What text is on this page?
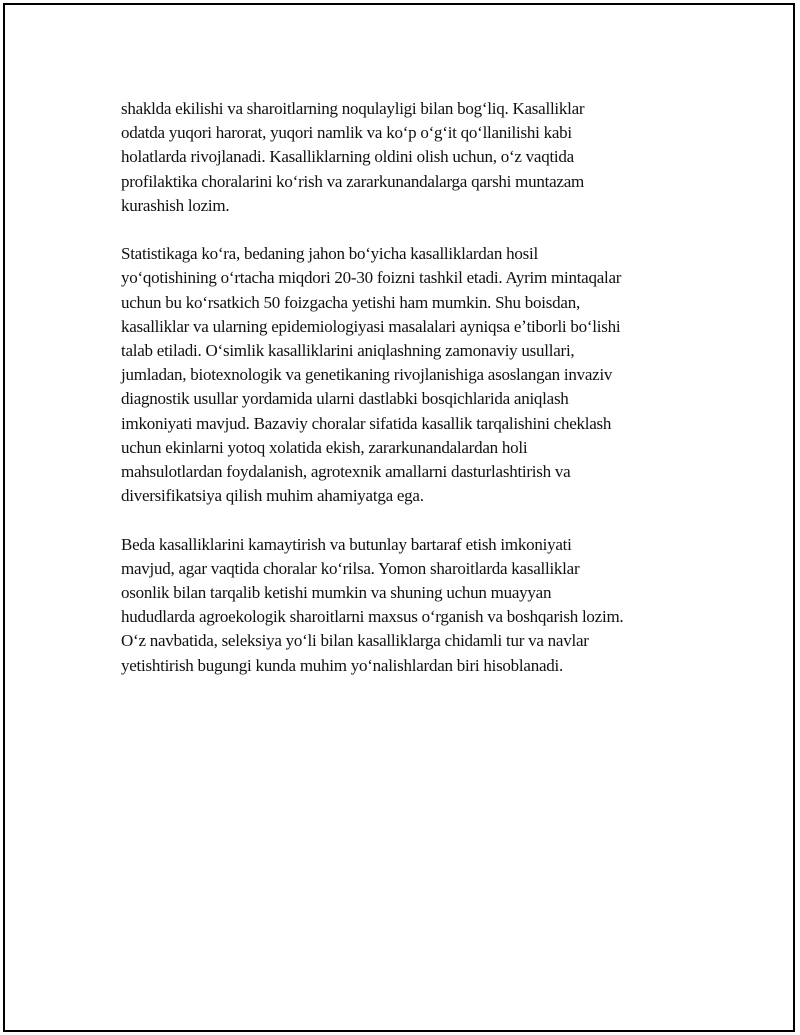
shaklda ekilishi va sharoitlarning noqulayligi bilan bogʻliq. Kasalliklar
odatda yuqori harorat, yuqori namlik va koʻp oʻgʻit qoʻllanilishi kabi
holatlarda rivojlanadi. Kasalliklarning oldini olish uchun, oʻz vaqtida
profilaktika choralarini koʻrish va zararkunandalarga qarshi muntazam
kurashish lozim.
Statistikaga koʻra, bedaning jahon boʻyicha kasalliklardan hosil
yoʻqotishining oʻrtacha miqdori 20-30 foizni tashkil etadi. Ayrim mintaqalar
uchun bu koʻrsatkich 50 foizgacha yetishi ham mumkin. Shu boisdan,
kasalliklar va ularning epidemiologiyasi masalalari ayniqsa eʼtiborli boʻlishi
talab etiladi. Oʻsimlik kasalliklarini aniqlashning zamonaviy usullari,
jumladan, biotexnologik va genetikaning rivojlanishiga asoslangan invaziv
diagnostik usullar yordamida ularni dastlabki bosqichlarida aniqlash
imkoniyati mavjud. Bazaviy choralar sifatida kasallik tarqalishini cheklash
uchun ekinlarni yotoq xolatida ekish, zararkunandalardan holi
mahsulotlardan foydalanish, agrotexnik amallarni dasturlashtirish va
diversifikatsiya qilish muhim ahamiyatga ega.
Beda kasalliklarini kamaytirish va butunlay bartaraf etish imkoniyati
mavjud, agar vaqtida choralar koʻrilsa. Yomon sharoitlarda kasalliklar
osonlik bilan tarqalib ketishi mumkin va shuning uchun muayyan
hududlarda agroekologik sharoitlarni maxsus oʻrganish va boshqarish lozim.
Oʻz navbatida, seleksiya yoʻli bilan kasalliklarga chidamli tur va navlar
yetishtirish bugungi kunda muhim yoʻnalishlardan biri hisoblanadi.
